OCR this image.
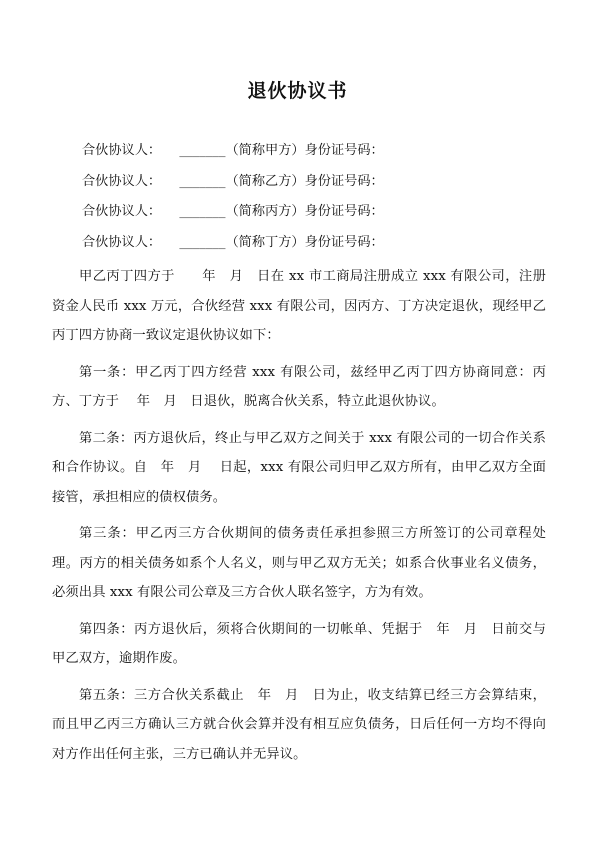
退伙协议书
合伙协议人： _______（简称甲方）身份证号码：
合伙协议人： _______（简称乙方）身份证号码：
合伙协议人： _______（简称丙方）身份证号码：
合伙协议人： _______（简称丁方）身份证号码：

甲乙丙丁四方于　　年　月　日在 xx 市工商局注册成立 xxx 有限公司，注册资金人民币 xxx 万元，合伙经营 xxx 有限公司，因丙方、丁方决定退伙，现经甲乙丙丁四方协商一致议定退伙协议如下：

第一条：甲乙丙丁四方经营 xxx 有限公司，兹经甲乙丙丁四方协商同意：丙方、丁方于　 年　月　日退伙，脱离合伙关系，特立此退伙协议。

第二条：丙方退伙后，终止与甲乙双方之间关于 xxx 有限公司的一切合作关系和合作协议。自　年　月　 日起，xxx 有限公司归甲乙双方所有，由甲乙双方全面接管，承担相应的债权债务。

第三条：甲乙丙三方合伙期间的债务责任承担参照三方所签订的公司章程处理。丙方的相关债务如系个人名义，则与甲乙双方无关；如系合伙事业名义债务，必须出具 xxx 有限公司公章及三方合伙人联名签字，方为有效。

第四条：丙方退伙后，须将合伙期间的一切帐单、凭据于　年　月　日前交与甲乙双方，逾期作废。

第五条：三方合伙关系截止　年　月　日为止，收支结算已经三方会算结束，而且甲乙丙三方确认三方就合伙会算并没有相互应负债务，日后任何一方均不得向对方作出任何主张，三方已确认并无异议。
